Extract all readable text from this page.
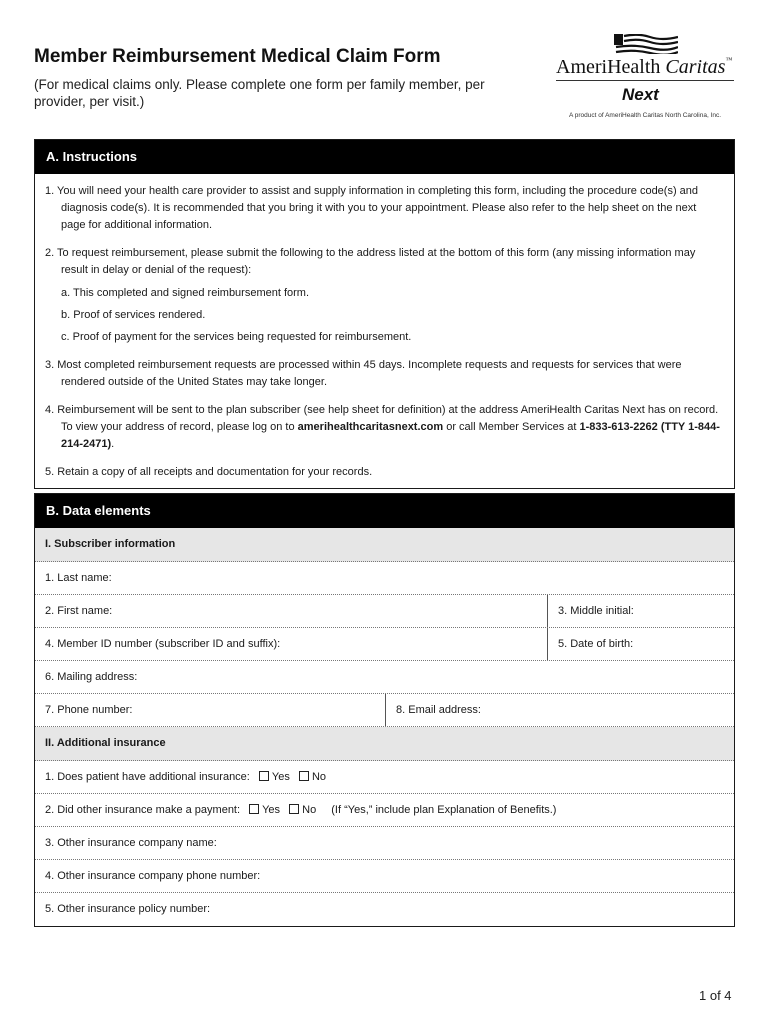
Member Reimbursement Medical Claim Form
(For medical claims only. Please complete one form per family member, per provider, per visit.)
AmeriHealth Caritas™
Next
A product of AmeriHealth Caritas North Carolina, Inc.
A. Instructions

1. You will need your health care provider to assist and supply information in completing this form, including the procedure code(s) and diagnosis code(s). It is recommended that you bring it with you to your appointment. Please also refer to the help sheet on the next page for additional information.

2. To request reimbursement, please submit the following to the address listed at the bottom of this form (any missing information may result in delay or denial of the request):

a. This completed and signed reimbursement form.

b. Proof of services rendered.

c. Proof of payment for the services being requested for reimbursement.

3. Most completed reimbursement requests are processed within 45 days. Incomplete requests and requests for services that were rendered outside of the United States may take longer.

4. Reimbursement will be sent to the plan subscriber (see help sheet for definition) at the address AmeriHealth Caritas Next has on record. To view your address of record, please log on to amerihealthcaritasnext.com or call Member Services at 1-833-613-2262 (TTY 1-844-214-2471).

5. Retain a copy of all receipts and documentation for your records.

B. Data elements
I. Subscriber information
1. Last name:
2. First name:	3. Middle initial:
4. Member ID number (subscriber ID and suffix):	5. Date of birth:
6. Mailing address:
7. Phone number:	8. Email address:
II. Additional insurance
1. Does patient have additional insurance: Yes No
2. Did other insurance make a payment: Yes No (If “Yes,” include plan Explanation of Benefits.)
3. Other insurance company name:
4. Other insurance company phone number:
5. Other insurance policy number:
1 of 4
